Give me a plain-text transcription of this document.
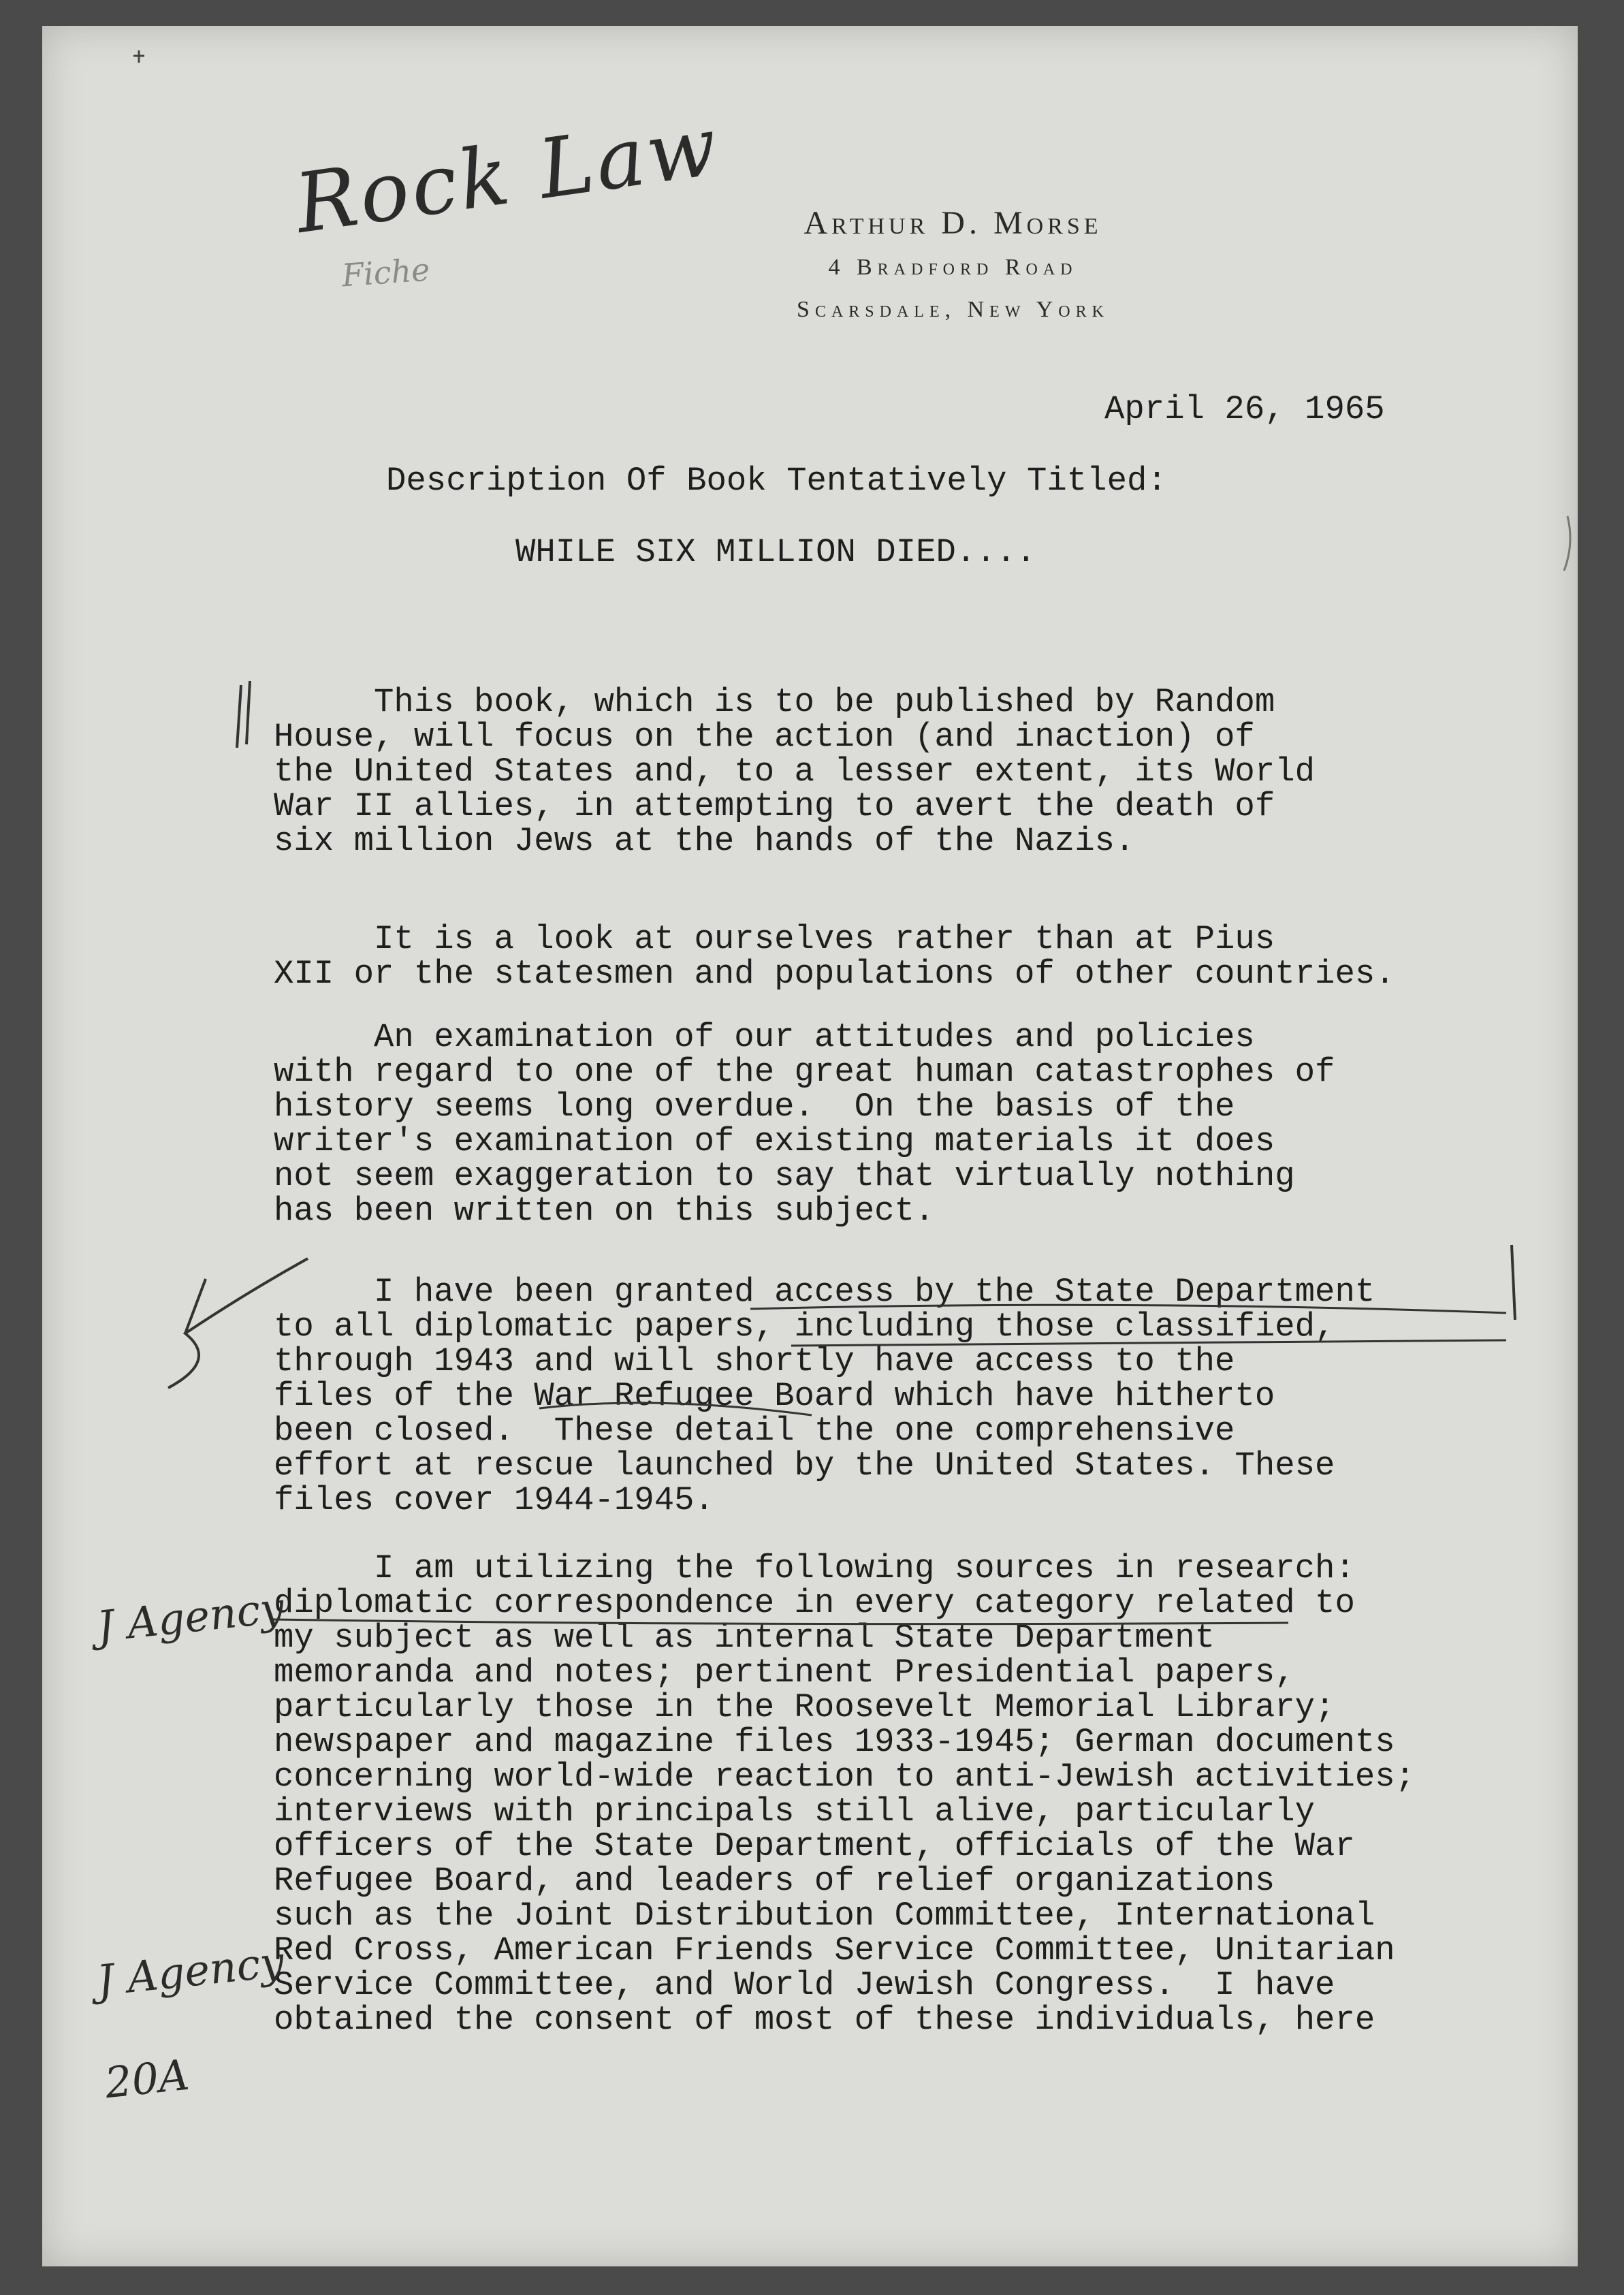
Rock Law
Fiche
Arthur D. Morse
4 Bradford Road
Scarsdale, New York
April 26, 1965
Description Of Book Tentatively Titled:
WHILE SIX MILLION DIED....
This book, which is to be published by Random
House, will focus on the action (and inaction) of
the United States and, to a lesser extent, its World
War II allies, in attempting to avert the death of
six million Jews at the hands of the Nazis.
It is a look at ourselves rather than at Pius
XII or the statesmen and populations of other countries.
An examination of our attitudes and policies
with regard to one of the great human catastrophes of
history seems long overdue.  On the basis of the
writer's examination of existing materials it does
not seem exaggeration to say that virtually nothing
has been written on this subject.
I have been granted access by the State Department
to all diplomatic papers, including those classified,
through 1943 and will shortly have access to the
files of the War Refugee Board which have hitherto
been closed.  These detail the one comprehensive
effort at rescue launched by the United States. These
files cover 1944-1945.
I am utilizing the following sources in research:
diplomatic correspondence in every category related to
my subject as well as internal State Department
memoranda and notes; pertinent Presidential papers,
particularly those in the Roosevelt Memorial Library;
newspaper and magazine files 1933-1945; German documents
concerning world-wide reaction to anti-Jewish activities;
interviews with principals still alive, particularly
officers of the State Department, officials of the War
Refugee Board, and leaders of relief organizations
such as the Joint Distribution Committee, International
Red Cross, American Friends Service Committee, Unitarian
Service Committee, and World Jewish Congress.  I have
obtained the consent of most of these individuals, here
J Agency
J Agency
20A
